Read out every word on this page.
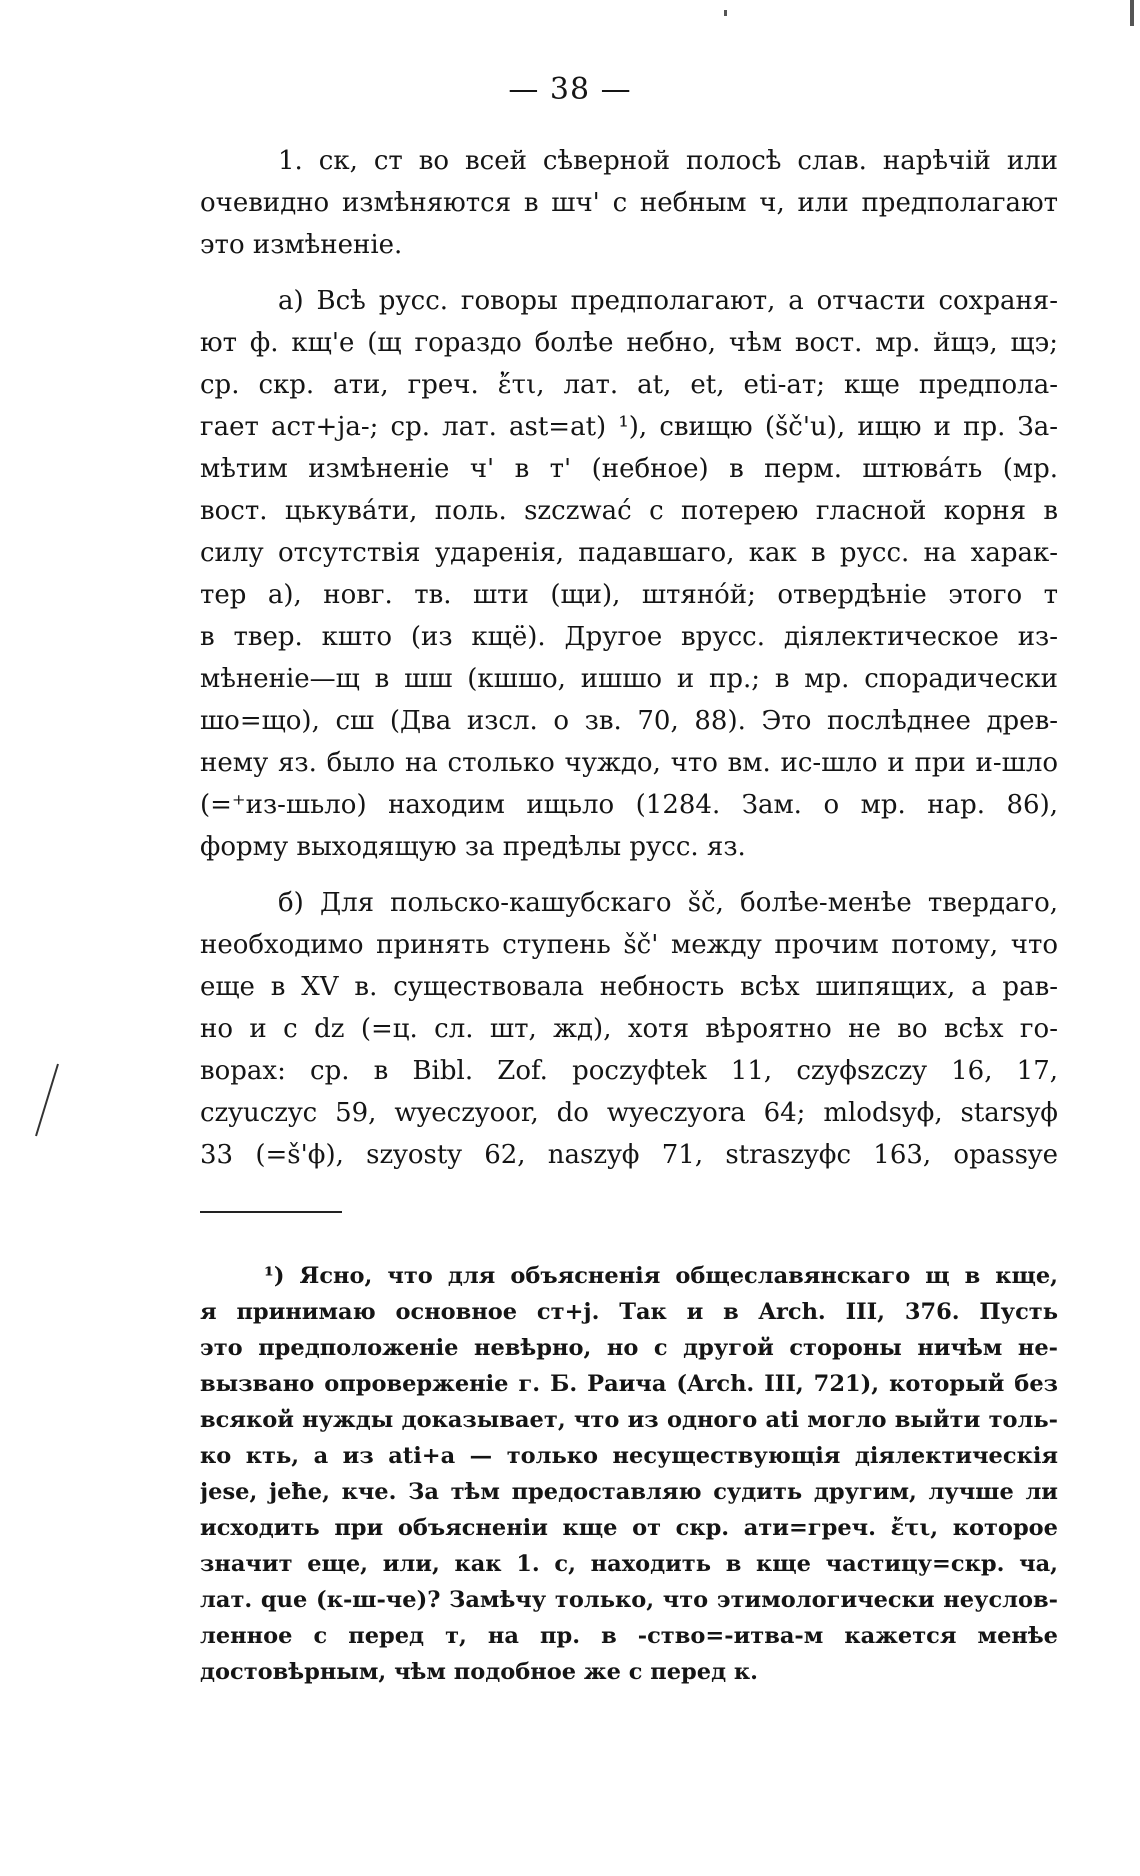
— 38 —
1. ск, ст во всей сѣверной полосѣ слав. нарѣчій или
очевидно измѣняются в шч' с небным ч, или предполагают
это измѣненіе.
а) Всѣ русс. говоры предполагают, а отчасти сохраня-
ют ф. кщ'е (щ гораздо болѣе небно, чѣм вост. мр. йщэ, щэ;
ср. скр. ати, греч. ἔτι, лат. at, et, eti-ат; кще предпола-
гает аст+jа-; ср. лат. ast=at) ¹), свищю (šč'u), ищю и пр. За-
мѣтим измѣненіе ч' в т' (небное) в перм. штювáть (мр.
вост. цькувáти, поль. szczwać с потерею гласной корня в
силу отсутствія ударенія, падавшаго, как в русс. на харак-
тер а), новг. тв. шти (щи), штянóй; отвердѣніе этого т
в твер. кшто (из кщё). Другое врусс. діялектическое из-
мѣненіе—щ в шш (кшшо, ишшо и пр.; в мр. спорадически
шо=що), сш (Два изсл. о зв. 70, 88). Это послѣднее древ-
нему яз. было на столько чуждо, что вм. ис-шло и при и-шло
(=⁺из-шьло) находим ищьло (1284. Зам. о мр. нар. 86),
форму выходящую за предѣлы русс. яз.
б) Для польско-кашубскаго šč, болѣе-менѣе твердаго,
необходимо принять ступень šč' между прочим потому, что
еще в XV в. существовала небность всѣх шипящих, а рав-
но и с dz (=ц. сл. шт, жд), хотя вѣроятно не во всѣх го-
ворах: ср. в Bibl. Zof. poczyϕtek 11, czyϕszczy 16, 17,
czyuczyc 59, wyeczyoor, do wyeczyora 64; mlodsyϕ, starsyϕ
33 (=š'ϕ), szyosty 62, naszyϕ 71, straszyϕc 163, opassye
¹) Ясно, что для объясненія общеславянскаго щ в кще,
я принимаю основное ст+j. Так и в Arch. III, 376. Пусть
это предположеніе невѣрно, но с другой стороны ничѣм не-
вызвано опроверженіе г. Б. Раича (Arch. III, 721), который без
всякой нужды доказывает, что из одного ati могло выйти толь-
ко кть, а из ati+a — только несуществующія діялектическія
jesе, jeħe, кче. За тѣм предоставляю судить другим, лучше ли
исходить при объясненіи кще от скр. ати=греч. ἔτι, которое
значит еще, или, как 1. с, находить в кще частицу=скр. ча,
лат. que (к-ш-че)? Замѣчу только, что этимологически неуслов-
ленное с перед т, на пр. в -ство=-итва-м кажется менѣе
достовѣрным, чѣм подобное же с перед к.
